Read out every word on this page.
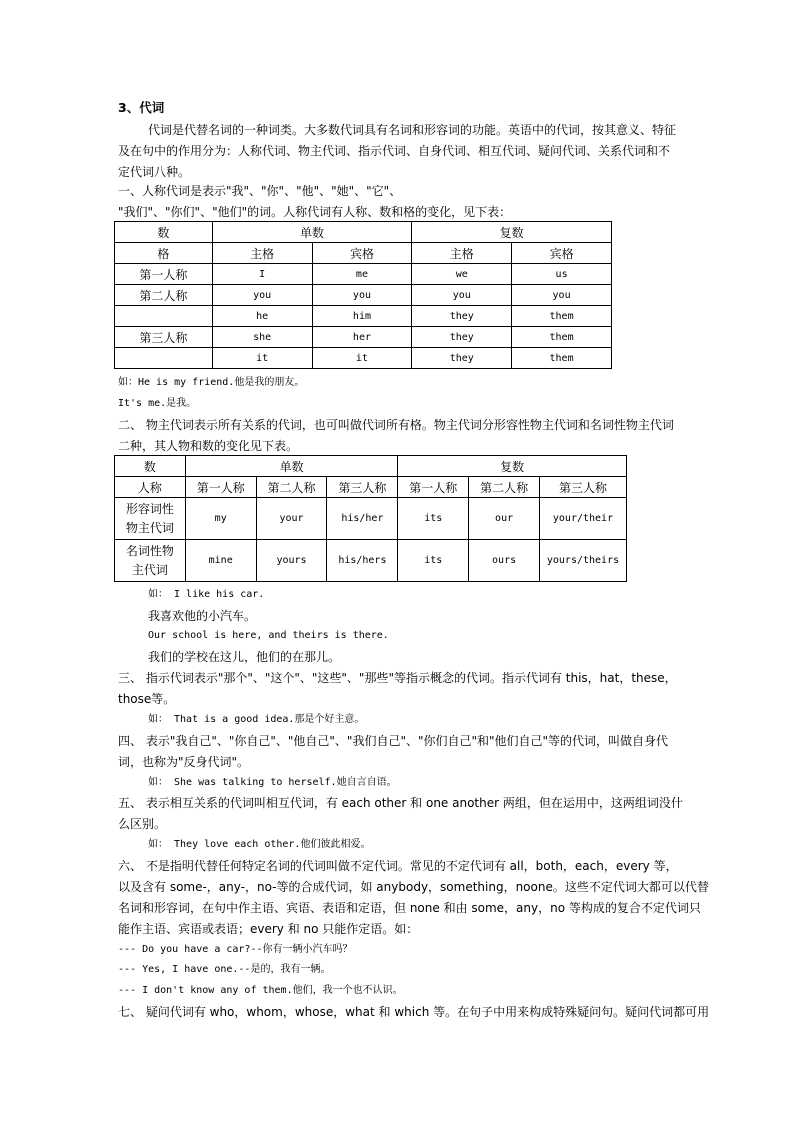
3、代词
代词是代替名词的一种词类。大多数代词具有名词和形容词的功能。英语中的代词，按其意义、特征
及在句中的作用分为：人称代词、物主代词、指示代词、自身代词、相互代词、疑问代词、关系代词和不
定代词八种。
一、人称代词是表示"我"、"你"、"他"、"她"、"它"、
"我们"、"你们"、"他们"的词。人称代词有人称、数和格的变化，见下表：
数	单数		复数	
格	主格	宾格	主格	宾格
第一人称	I	me	we	us
第二人称	you	you	you	you
	he	him	they	them
第三人称	she	her	they	them
	it	it	they	them
如：He is my friend.他是我的朋友。
It's me.是我。
二、 物主代词表示所有关系的代词，也可叫做代词所有格。物主代词分形容性物主代词和名词性物主代词
二种，其人物和数的变化见下表。
数	单数			复数		
人称	第一人称	第二人称	第三人称	第一人称	第二人称	第三人称
形容词性
物主代词	my	your	his/her	its	our	your/their
名词性物
主代词	mine	yours	his/hers	its	ours	yours/theirs
如： I like his car.
我喜欢他的小汽车。
Our school is here, and theirs is there.
我们的学校在这儿，他们的在那儿。
三、 指示代词表示"那个"、"这个"、"这些"、"那些"等指示概念的代词。指示代词有 this，hat，these，
those等。
如： That is a good idea.那是个好主意。
四、 表示"我自己"、"你自己"、"他自己"、"我们自己"、"你们自己"和"他们自己"等的代词，叫做自身代
词，也称为"反身代词"。
如： She was talking to herself.她自言自语。
五、 表示相互关系的代词叫相互代词，有 each other 和 one another 两组，但在运用中，这两组词没什
么区别。
如： They love each other.他们彼此相爱。
六、 不是指明代替任何特定名词的代词叫做不定代词。常见的不定代词有 all，both，each，every 等，
以及含有 some-，any-，no-等的合成代词，如 anybody，something，noone。这些不定代词大都可以代替
名词和形容词，在句中作主语、宾语、表语和定语，但 none 和由 some，any，no 等构成的复合不定代词只
能作主语、宾语或表语；every 和 no 只能作定语。如：
--- Do you have a car?--你有一辆小汽车吗？
--- Yes, I have one.--是的，我有一辆。
--- I don't know any of them.他们，我一个也不认识。
七、 疑问代词有 who，whom，whose，what 和 which 等。在句子中用来构成特殊疑问句。疑问代词都可用
